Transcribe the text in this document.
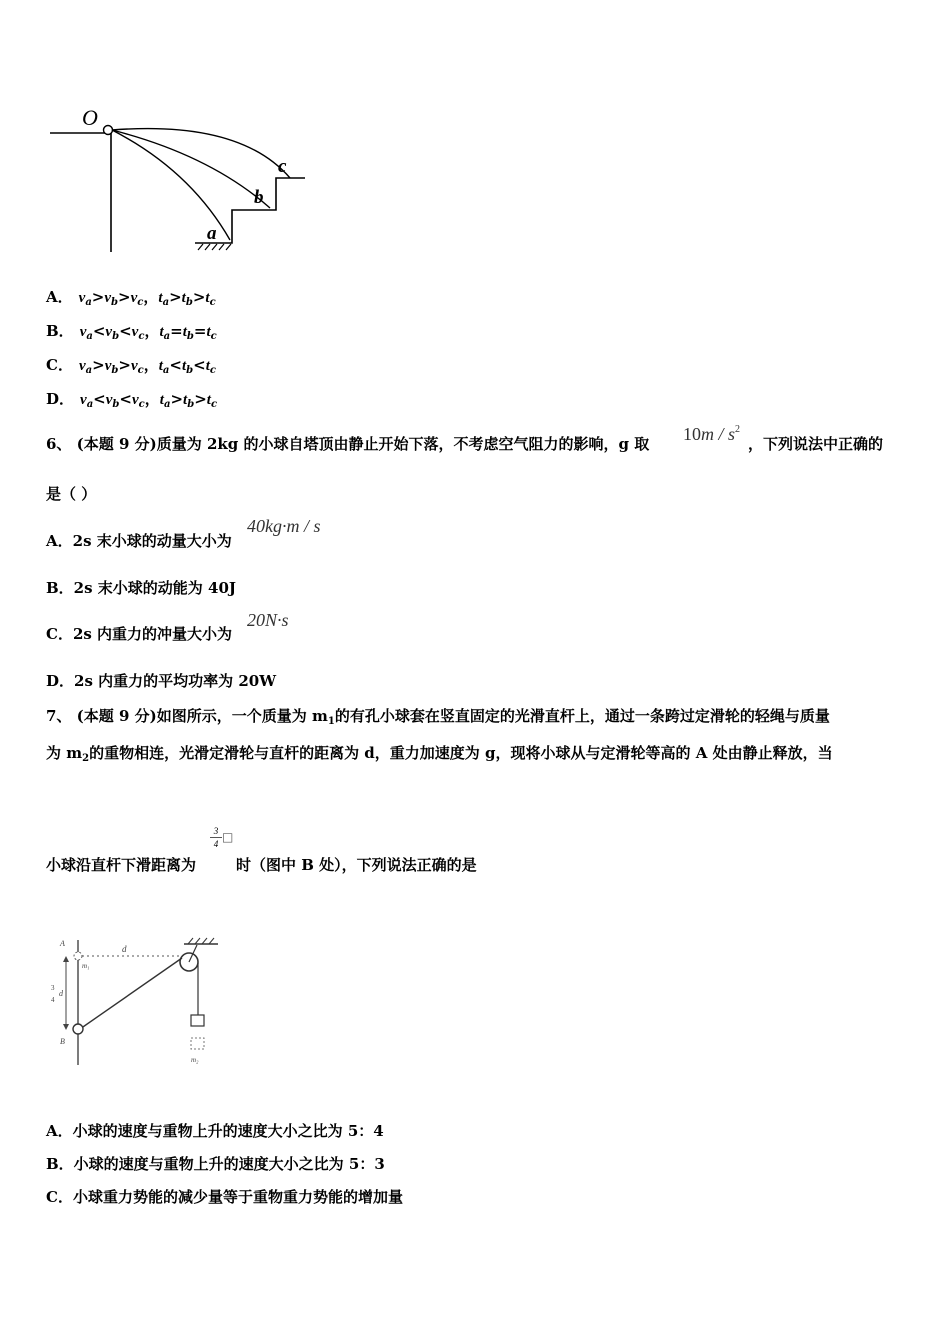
O
a
b
c
A． $v_a>v_b>v_c$，$t_a>t_b>t_c$
B． $v_a<v_b<v_c$，$t_a=t_b=t_c$
C． $v_a>v_b>v_c$，$t_a<t_b<t_c$
D． $v_a<v_b<v_c$，$t_a>t_b>t_c$
6、 (本题 9 分)质量为 2kg 的小球自塔顶由静止开始下落，不考虑空气阻力的影响，g 取 $10m / s^2$
，下列说法中正确的
是（ ）
A．2s 末小球的动量大小为
40kg·m / s
B．2s 末小球的动能为 40J
C．2s 内重力的冲量大小为
20N·s
D．2s 内重力的平均功率为 20W
7、 (本题 9 分)如图所示，一个质量为 $m_1$的有孔小球套在竖直固定的光滑直杆上，通过一条跨过定滑轮的轻绳与质量
为 $m_2$的重物相连，光滑定滑轮与直杆的距离为 d，重力加速度为 g，现将小球从与定滑轮等高的 A 处由静止释放，当
小球沿直杆下滑距离为
3
4 □
时（图中 B 处），下列说法正确的是
A
m₁
d
3
4
d
B
m₂
A．小球的速度与重物上升的速度大小之比为 5：4
B．小球的速度与重物上升的速度大小之比为 5：3
C．小球重力势能的减少量等于重物重力势能的增加量
